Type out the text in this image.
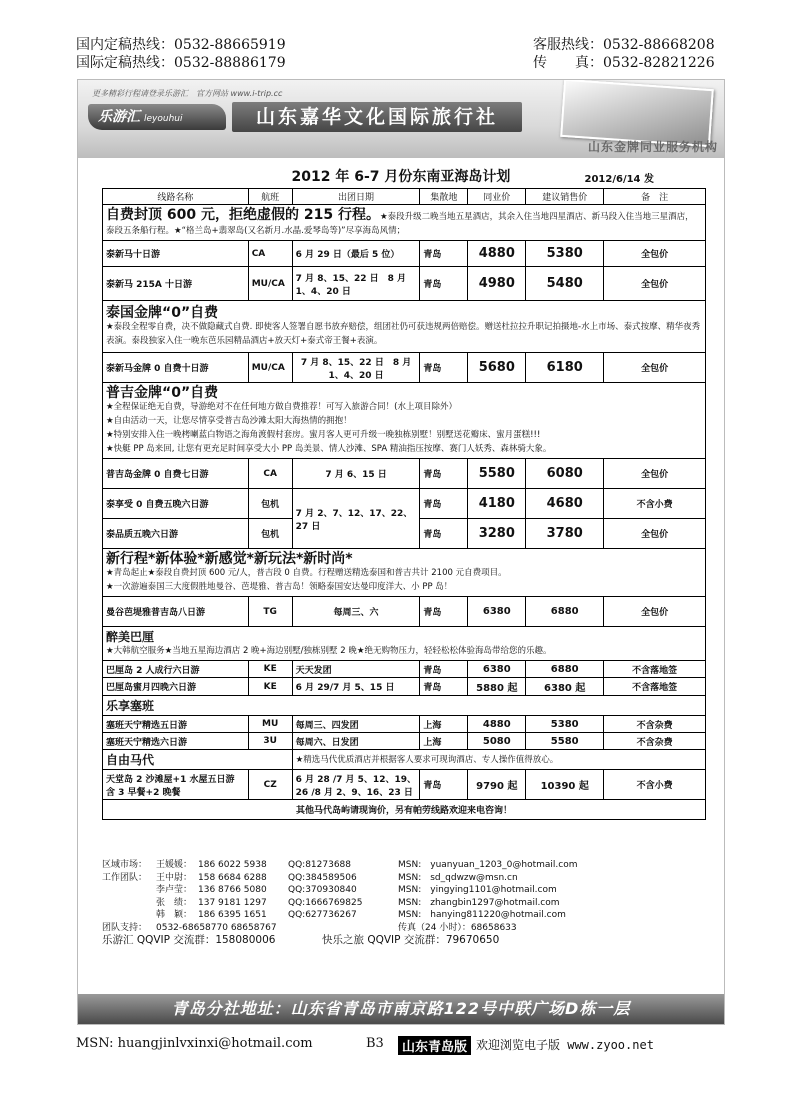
国内定稿热线：0532-88665919
国际定稿热线：0532-88886179
客服热线：0532-88668208
传　　真：0532-82821226
更多精彩行程请登录乐游汇　官方网站 www.i-trip.cc
乐游汇 leyouhui	山东嘉华文化国际旅行社
山东金牌同业服务机构
2012 年 6-7 月份东南亚海岛计划	2012/6/14 发
线路名称	航班	出团日期	集散地	同业价	建议销售价	备　注
自费封顶 600 元，拒绝虚假的 215 行程。★泰段升级二晚当地五星酒店，其余入住当地四星酒店、新马段入住当地三星酒店，泰段五条船行程。★“格兰岛+翡翠岛(又名新月.水晶.爱琴岛等)”尽享海岛风情；						
泰新马十日游	CA	6 月 29 日（最后 5 位）	青岛	4880	5380	全包价
泰新马 215A 十日游	MU/CA	7 月 8、15、22 日　8 月 1、4、20 日	青岛	4980	5480	全包价

泰国金牌“0”自费
★泰段全程零自费，决不做隐藏式自费. 即使客人签署自愿书放弃赔偿，组团社仍可获违规两倍赔偿。赠送杜拉拉升职记拍摄地-水上市场、泰式按摩、精华夜秀表演。泰段独家入住一晚东芭乐园精品酒店+放天灯+泰式帝王餐+表演。						

泰新马金牌 0 自费十日游	MU/CA	7 月 8、15、22 日　8 月 1、4、20 日	青岛	5680	6180	全包价

普吉金牌“0”自费
★全程保证绝无自费，导游绝对不在任何地方做自费推荐！可写入旅游合同！(水上项目除外）
★自由活动一天，让您尽情享受普吉岛沙滩太阳大海热情的拥抱！
★特别安排入住一晚栲喇蓝白物语之海角渡假村套房。蜜月客人更可升级一晚独栋别墅！别墅送花瓣床、蜜月蛋糕!!!
★快艇 PP 岛来回, 让您有更充足时间享受大小 PP 岛美景、情人沙滩、SPA 精油指压按摩、赛门人妖秀、森林骑大象。						

普吉岛金牌 0 自费七日游	CA	7 月 6、15 日	青岛	5580	6080	全包价
泰享受 0 自费五晚六日游	包机	7 月 2、7、12、17、22、27 日	青岛	4180	4680	不含小费
泰品质五晚六日游	包机		青岛	3280	3780	全包价

新行程*新体验*新感觉*新玩法*新时尚*
★青岛起止★泰段自费封顶 600 元/人，普吉段 0 自费。行程赠送精选泰国和普吉共计 2100 元自费项目。
★一次游遍泰国三大度假胜地曼谷、芭堤雅、普吉岛！领略泰国安达曼印度洋大、小 PP 岛！						

曼谷芭堤雅普吉岛八日游	TG	每周三、六	青岛	6380	6880	全包价

醉美巴厘
★大韩航空服务★当地五星海边酒店 2 晚+海边别墅/独栋别墅 2 晚★绝无购物压力，轻轻松松体验海岛带给您的乐趣。						

巴厘岛 2 人成行六日游	KE	天天发团	青岛	6380	6880	不含落地签
巴厘岛蜜月四晚六日游	KE	6 月 29/7 月 5、15 日	青岛	5880 起	6380 起	不含落地签
乐享塞班						
塞班天宁精选五日游	MU	每周三、四发团	上海	4880	5380	不含杂费
塞班天宁精选六日游	3U	每周六、日发团	上海	5080	5580	不含杂费
自由马代		★精选马代优质酒店并根据客人要求可现询酒店、专人操作值得放心。				
天堂岛 2 沙滩屋+1 水屋五日游　　含 3 早餐+2 晚餐	CZ	6 月 28 /7 月 5、12、19、26 /8 月 2、9、16、23 日	青岛	9790 起	10390 起	不含小费
其他马代岛屿请现询价，另有帕劳线路欢迎来电咨询！						
区域市场： 王媛媛： 186 6022 5938 QQ:81273688	MSN:　yuanyuan_1203_0@hotmail.com
工作团队： 王中尉： 158 6684 6288 QQ:384589506	MSN:　sd_qdwzw@msn.cn
李卢莹： 136 8766 5080 QQ:370930840	MSN:　yingying1101@hotmail.com
张　绩： 137 9181 1297 QQ:1666769825	MSN:　zhangbin1297@hotmail.com
韩　颖： 186 6395 1651 QQ:627736267	MSN:　hanying811220@hotmail.com
团队支持： 0532-68658770 68658767	传真（24 小时）：68658633
乐游汇 QQVIP 交流群：158080006	快乐之旅 QQVIP 交流群：79670650
青岛分社地址：山东省青岛市南京路122号中联广场D栋一层
MSN: huangjinlvxinxi@hotmail.com	B3	山东青岛版 欢迎浏览电子版 www.zyoo.net
